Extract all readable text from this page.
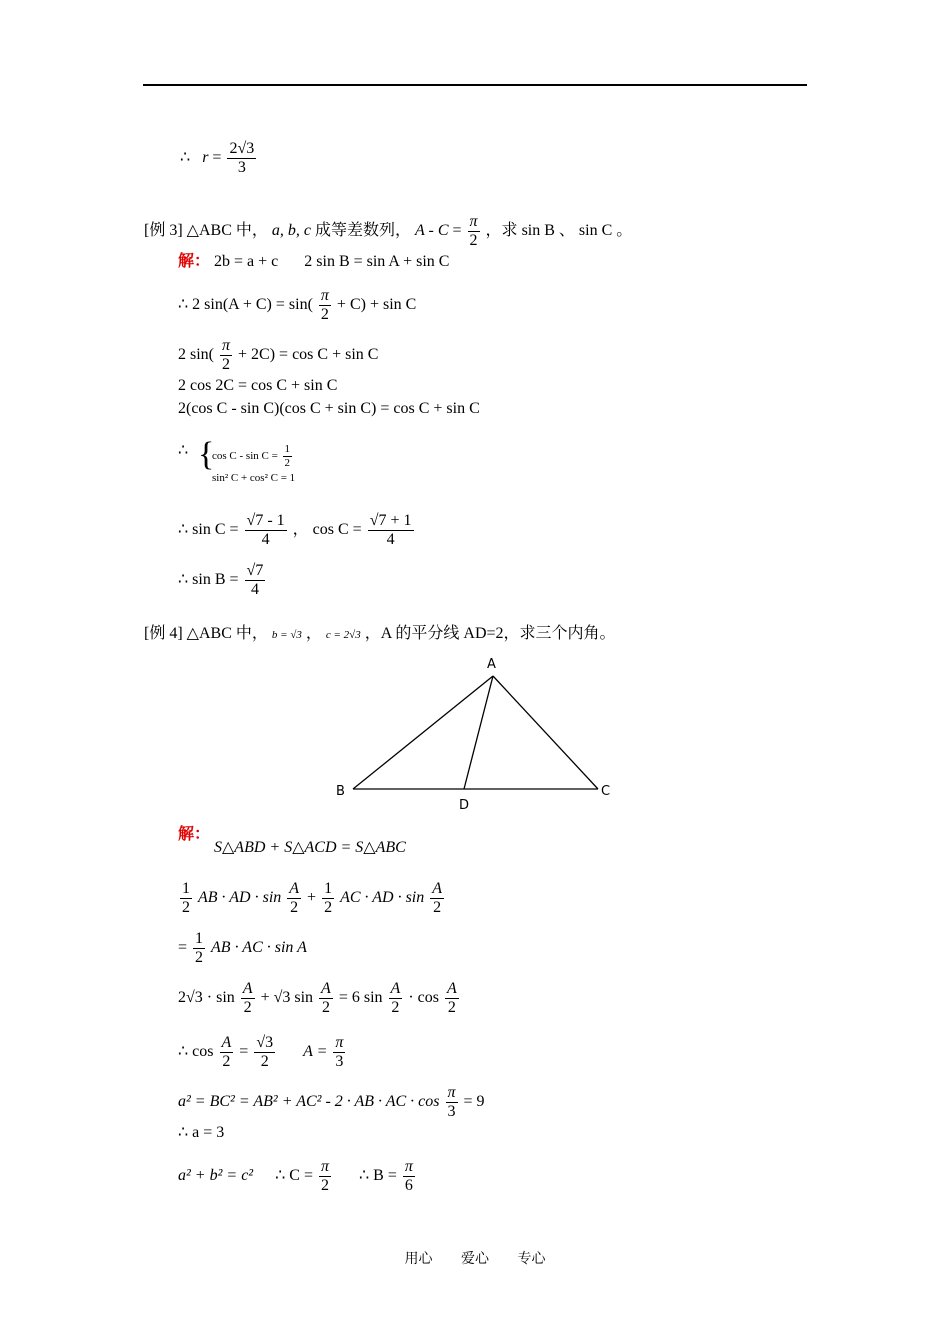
∴ $r = \frac{2√3}{3}$
[例 3] △ABC 中， a, b, c 成等差数列， $A - C = \frac{\pi}{2}$ ，求 sin B 、 sin C 。
解： 2b = a + c 2 sin B = sin A + sin C
∴ 2 $\sin(A + C) = \sin( \frac{\pi}{2} + C) + \sin C$
2 $\sin( \frac{\pi}{2} + 2C) = \cos C + \sin C$
2 cos 2C = cos C + sin C
2(cos C - sin C)(cos C + sin C) = cos C + sin C
∴ {
$\cos C - \sin C = \frac{1}{2}$
sin² C + cos² C = 1
∴ $\sin C = \frac{√7 - 1}{4}$ ， $\cos C = \frac{√7 + 1}{4}$
∴ $\sin B = \frac{√7}{4}$
[例 4] △ABC 中， b = √3 ， c = 2√3 ，A 的平分线 AD=2，求三个内角。
A
B	C
D
解：
S△ABD + S△ACD = S△ABC
$\frac{1}{2}$ AB · AD · $\sin \frac{A}{2} + \frac{1}{2}$ AC · AD · $\sin \frac{A}{2}$
= $\frac{1}{2}$ AB · AC · sin A
$2√3 \cdot \sin \frac{A}{2} + √3$ $\sin \frac{A}{2} = 6$ $\sin \frac{A}{2} \cdot \cos \frac{A}{2}$
∴ $\cos \frac{A}{2} = \frac{√3}{2}$ $A = \frac{\pi}{3}$
a² = BC² = AB² + AC² - 2 · AB · AC · $\cos \frac{\pi}{3} = 9$
∴ a = 3
a² + b² = c² ∴ $C = \frac{\pi}{2}$ ∴ $B = \frac{\pi}{6}$
用心 爱心 专心
